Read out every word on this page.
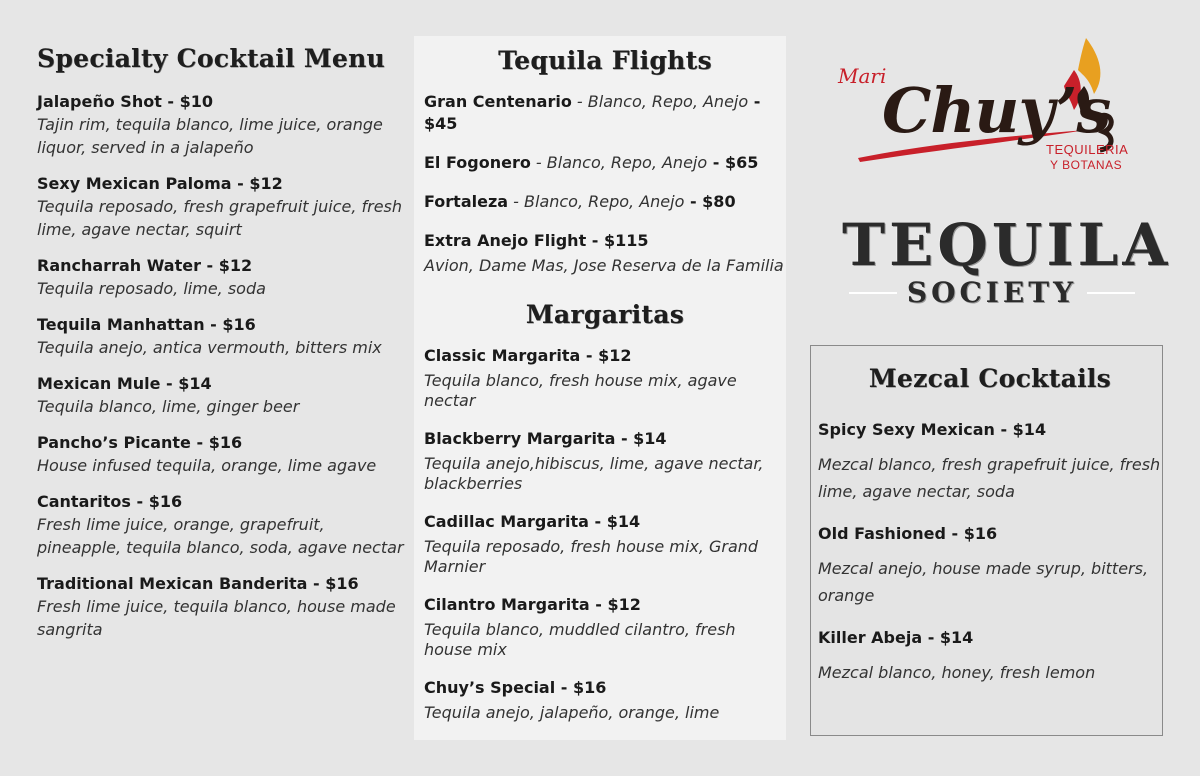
Specialty Cocktail Menu
Jalapeño Shot - $10
Tajin rim, tequila blanco, lime juice, orange liquor, served in a jalapeño
Sexy Mexican Paloma - $12
Tequila reposado, fresh grapefruit juice, fresh lime, agave nectar, squirt
Rancharrah Water - $12
Tequila reposado, lime, soda
Tequila Manhattan - $16
Tequila anejo, antica vermouth, bitters mix
Mexican Mule - $14
Tequila blanco, lime, ginger beer
Pancho’s Picante - $16
House infused tequila, orange, lime agave
Cantaritos - $16
Fresh lime juice, orange, grapefruit, pineapple, tequila blanco, soda, agave nectar
Traditional Mexican Banderita - $16
Fresh lime juice, tequila blanco, house made sangrita
Tequila Flights
Gran Centenario - Blanco, Repo, Anejo - $45
El Fogonero - Blanco, Repo, Anejo - $65
Fortaleza - Blanco, Repo, Anejo - $80
Extra Anejo Flight - $115
Avion, Dame Mas, Jose Reserva de la Familia
Margaritas
Classic Margarita - $12
Tequila blanco, fresh house mix, agave nectar
Blackberry Margarita - $14
Tequila anejo,hibiscus, lime, agave nectar, blackberries
Cadillac Margarita - $14
Tequila reposado, fresh house mix, Grand Marnier
Cilantro Margarita - $12
Tequila blanco, muddled cilantro, fresh house mix
Chuy’s Special - $16
Tequila anejo, jalapeño, orange, lime
Mari
Chuy’s
TEQUILERIA
Y BOTANAS
TEQUILA
SOCIETY
Mezcal Cocktails
Spicy Sexy Mexican - $14
Mezcal blanco, fresh grapefruit juice, fresh lime, agave nectar, soda
Old Fashioned - $16
Mezcal anejo, house made syrup, bitters, orange
Killer Abeja - $14
Mezcal blanco, honey, fresh lemon
